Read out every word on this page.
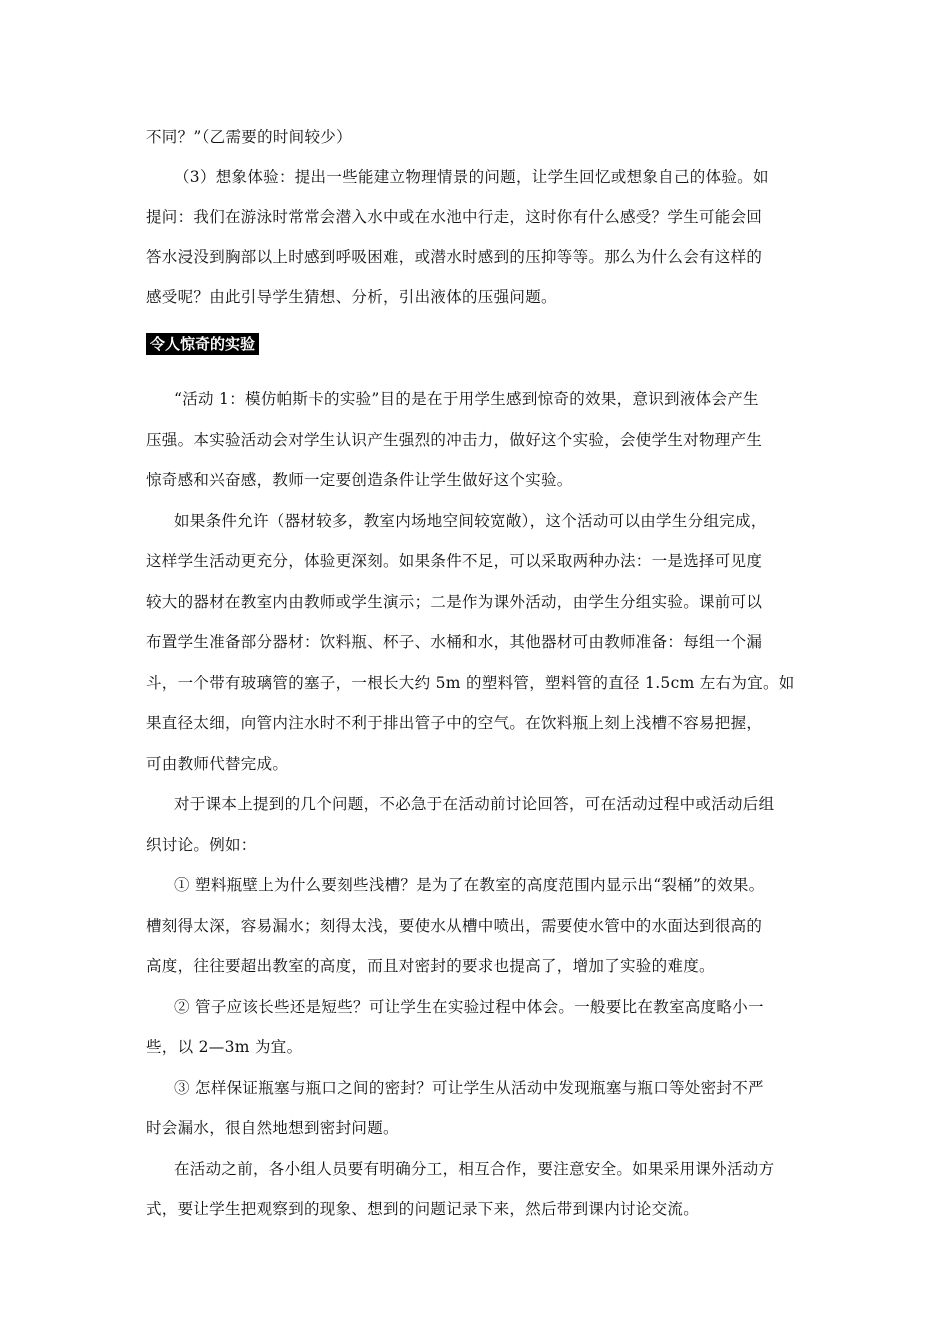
不同？”（乙需要的时间较少）
（3）想象体验：提出一些能建立物理情景的问题，让学生回忆或想象自己的体验。如
提问：我们在游泳时常常会潜入水中或在水池中行走，这时你有什么感受？学生可能会回
答水浸没到胸部以上时感到呼吸困难，或潜水时感到的压抑等等。那么为什么会有这样的
感受呢？由此引导学生猜想、分析，引出液体的压强问题。
令人惊奇的实验
“活动 1：模仿帕斯卡的实验”目的是在于用学生感到惊奇的效果，意识到液体会产生
压强。本实验活动会对学生认识产生强烈的冲击力，做好这个实验，会使学生对物理产生
惊奇感和兴奋感，教师一定要创造条件让学生做好这个实验。
如果条件允许（器材较多，教室内场地空间较宽敞），这个活动可以由学生分组完成，
这样学生活动更充分，体验更深刻。如果条件不足，可以采取两种办法：一是选择可见度
较大的器材在教室内由教师或学生演示；二是作为课外活动，由学生分组实验。课前可以
布置学生准备部分器材：饮料瓶、杯子、水桶和水，其他器材可由教师准备：每组一个漏
斗，一个带有玻璃管的塞子，一根长大约 5m 的塑料管，塑料管的直径 1.5cm 左右为宜。如
果直径太细，向管内注水时不利于排出管子中的空气。在饮料瓶上刻上浅槽不容易把握，
可由教师代替完成。
对于课本上提到的几个问题，不必急于在活动前讨论回答，可在活动过程中或活动后组
织讨论。例如：
① 塑料瓶壁上为什么要刻些浅槽？是为了在教室的高度范围内显示出“裂桶”的效果。
槽刻得太深，容易漏水；刻得太浅，要使水从槽中喷出，需要使水管中的水面达到很高的
高度，往往要超出教室的高度，而且对密封的要求也提高了，增加了实验的难度。
② 管子应该长些还是短些？可让学生在实验过程中体会。一般要比在教室高度略小一
些，以 2—3m 为宜。
③ 怎样保证瓶塞与瓶口之间的密封？可让学生从活动中发现瓶塞与瓶口等处密封不严
时会漏水，很自然地想到密封问题。
在活动之前，各小组人员要有明确分工，相互合作，要注意安全。如果采用课外活动方
式，要让学生把观察到的现象、想到的问题记录下来，然后带到课内讨论交流。
